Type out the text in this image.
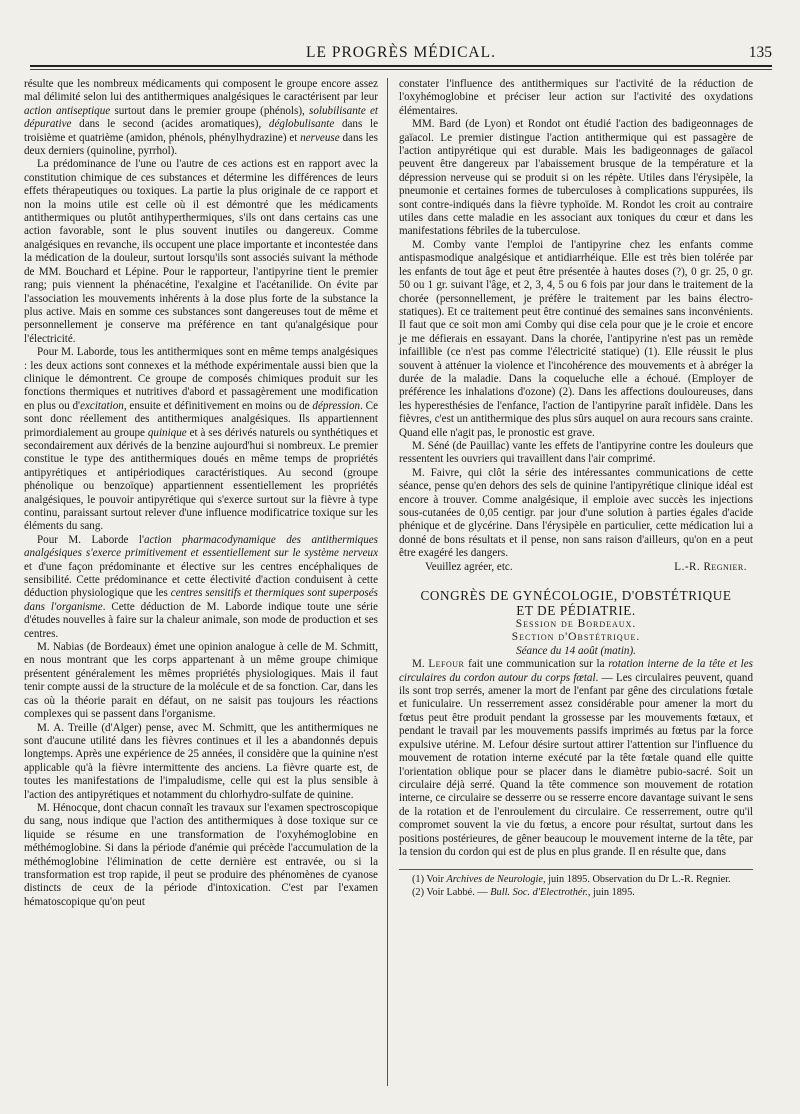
LE PROGRÈS MÉDICAL.	135

résulte que les nombreux médicaments qui composent le groupe encore assez mal délimité selon lui des antithermiques analgésiques le caractérisent par leur action antiseptique surtout dans le premier groupe (phénols), solubilisante et dépurative dans le second (acides aromatiques), déglobulisante dans le troisième et quatrième (amidon, phénols, phénylhydrazine) et nerveuse dans les deux derniers (quinoline, pyrrhol).

La prédominance de l'une ou l'autre de ces actions est en rapport avec la constitution chimique de ces substances et détermine les différences de leurs effets thérapeutiques ou toxiques. La partie la plus originale de ce rapport et non la moins utile est celle où il est démontré que les médicaments antithermiques ou plutôt antihyperthermiques, s'ils ont dans certains cas une action favorable, sont le plus souvent inutiles ou dangereux. Comme analgésiques en revanche, ils occupent une place importante et incontestée dans la médication de la douleur, surtout lorsqu'ils sont associés suivant la méthode de MM. Bouchard et Lépine. Pour le rapporteur, l'antipyrine tient le premier rang; puis viennent la phénacétine, l'exalgine et l'acétanilide. On évite par l'association les mouvements inhérents à la dose plus forte de la substance la plus active. Mais en somme ces substances sont dangereuses tout de même et personnellement je conserve ma préférence en tant qu'analgésique pour l'électricité.

Pour M. Laborde, tous les antithermiques sont en même temps analgésiques : les deux actions sont connexes et la méthode expérimentale aussi bien que la clinique le démontrent. Ce groupe de composés chimiques produit sur les fonctions thermiques et nutritives d'abord et passagèrement une modification en plus ou d'excitation, ensuite et définitivement en moins ou de dépression. Ce sont donc réellement des antithermiques analgésiques. Ils appartiennent primordialement au groupe quinique et à ses dérivés naturels ou synthétiques et secondairement aux dérivés de la benzine aujourd'hui si nombreux. Le premier constitue le type des antithermiques doués en même temps de propriétés antipyrétiques et antipériodiques caractéristiques. Au second (groupe phénolique ou benzoïque) appartiennent essentiellement les propriétés analgésiques, le pouvoir antipyrétique qui s'exerce surtout sur la fièvre à type continu, paraissant surtout relever d'une influence modificatrice toxique sur les éléments du sang.

Pour M. Laborde l'action pharmacodynamique des antithermiques analgésiques s'exerce primitivement et essentiellement sur le système nerveux et d'une façon prédominante et élective sur les centres encéphaliques de sensibilité. Cette prédominance et cette électivité d'action conduisent à cette déduction physiologique que les centres sensitifs et thermiques sont superposés dans l'organisme. Cette déduction de M. Laborde indique toute une série d'études nouvelles à faire sur la chaleur animale, son mode de production et ses centres.

M. Nabias (de Bordeaux) émet une opinion analogue à celle de M. Schmitt, en nous montrant que les corps appartenant à un même groupe chimique présentent généralement les mêmes propriétés physiologiques. Mais il faut tenir compte aussi de la structure de la molécule et de sa fonction. Car, dans les cas où la théorie parait en défaut, on ne saisit pas toujours les réactions complexes qui se passent dans l'organisme.

M. A. Treille (d'Alger) pense, avec M. Schmitt, que les antithermiques ne sont d'aucune utilité dans les fièvres continues et il les a abandonnés depuis longtemps. Après une expérience de 25 années, il considère que la quinine n'est applicable qu'à la fièvre intermittente des anciens. La fièvre quarte est, de toutes les manifestations de l'impaludisme, celle qui est la plus sensible à l'action des antipyrétiques et notamment du chlorhydro-sulfate de quinine.

M. Hénocque, dont chacun connaît les travaux sur l'examen spectroscopique du sang, nous indique que l'action des antithermiques à dose toxique sur ce liquide se résume en une transformation de l'oxyhémoglobine en méthémoglobine. Si dans la période d'anémie qui précède l'accumulation de la méthémoglobine l'élimination de cette dernière est entravée, ou si la transformation est trop rapide, il peut se produire des phénomènes de cyanose distincts de ceux de la période d'intoxication. C'est par l'examen hématoscopique qu'on peut

constater l'influence des antithermiques sur l'activité de la réduction de l'oxyhémoglobine et préciser leur action sur l'activité des oxydations élémentaires.

MM. Bard (de Lyon) et Rondot ont étudié l'action des badigeonnages de gaïacol. Le premier distingue l'action antithermique qui est passagère de l'action antipyrétique qui est durable. Mais les badigeonnages de gaïacol peuvent être dangereux par l'abaissement brusque de la température et la dépression nerveuse qui se produit si on les répète. Utiles dans l'érysipèle, la pneumonie et certaines formes de tuberculoses à complications suppurées, ils sont contre-indiqués dans la fièvre typhoïde. M. Rondot les croit au contraire utiles dans cette maladie en les associant aux toniques du cœur et dans les manifestations fébriles de la tuberculose.

M. Comby vante l'emploi de l'antipyrine chez les enfants comme antispasmodique analgésique et antidiarrhéique. Elle est très bien tolérée par les enfants de tout âge et peut être présentée à hautes doses (?), 0 gr. 25, 0 gr. 50 ou 1 gr. suivant l'âge, et 2, 3, 4, 5 ou 6 fois par jour dans le traitement de la chorée (personnellement, je préfère le traitement par les bains électro-statiques). Et ce traitement peut être continué des semaines sans inconvénients. Il faut que ce soit mon ami Comby qui dise cela pour que je le croie et encore je me défierais en essayant. Dans la chorée, l'antipyrine n'est pas un remède infaillible (ce n'est pas comme l'électricité statique) (1). Elle réussit le plus souvent à atténuer la violence et l'incohérence des mouvements et à abréger la durée de la maladie. Dans la coqueluche elle a échoué. (Employer de préférence les inhalations d'ozone) (2). Dans les affections douloureuses, dans les hyperesthésies de l'enfance, l'action de l'antipyrine paraît infidèle. Dans les fièvres, c'est un antithermique des plus sûrs auquel on aura recours sans crainte. Quand elle n'agit pas, le pronostic est grave.

M. Séné (de Pauillac) vante les effets de l'antipyrine contre les douleurs que ressentent les ouvriers qui travaillent dans l'air comprimé.

M. Faivre, qui clôt la série des intéressantes communications de cette séance, pense qu'en dehors des sels de quinine l'antipyrétique clinique idéal est encore à trouver. Comme analgésique, il emploie avec succès les injections sous-cutanées de 0,05 centigr. par jour d'une solution à parties égales d'acide phénique et de glycérine. Dans l'érysipèle en particulier, cette médication lui a donné de bons résultats et il pense, non sans raison d'ailleurs, qu'on en a peut être exagéré les dangers.

Veuillez agréer, etc.	L.-R. Regnier.

CONGRÈS DE GYNÉCOLOGIE, D'OBSTÉTRIQUE
ET DE PÉDIATRIE.

Session de Bordeaux.

Section d'Obstétrique.

Séance du 14 août (matin).

M. Lefour fait une communication sur la rotation interne de la tête et les circulaires du cordon autour du corps fœtal. — Les circulaires peuvent, quand ils sont trop serrés, amener la mort de l'enfant par gêne des circulations fœtale et funiculaire. Un resserrement assez considérable pour amener la mort du fœtus peut être produit pendant la grossesse par les mouvements fœtaux, et pendant le travail par les mouvements passifs imprimés au fœtus par la force expulsive utérine. M. Lefour désire surtout attirer l'attention sur l'influence du mouvement de rotation interne exécuté par la tête fœtale quand elle quitte l'orientation oblique pour se placer dans le diamètre pubio-sacré. Soit un circulaire déjà serré. Quand la tête commence son mouvement de rotation interne, ce circulaire se desserre ou se resserre encore davantage suivant le sens de la rotation et de l'enroulement du circulaire. Ce resserrement, outre qu'il compromet souvent la vie du fœtus, a encore pour résultat, surtout dans les positions postérieures, de gêner beaucoup le mouvement interne de la tête, par la tension du cordon qui est de plus en plus grande. Il en résulte que, dans

(1) Voir Archives de Neurologie, juin 1895. Observation du Dr L.-R. Regnier.

(2) Voir Labbé. — Bull. Soc. d'Electrothér., juin 1895.
